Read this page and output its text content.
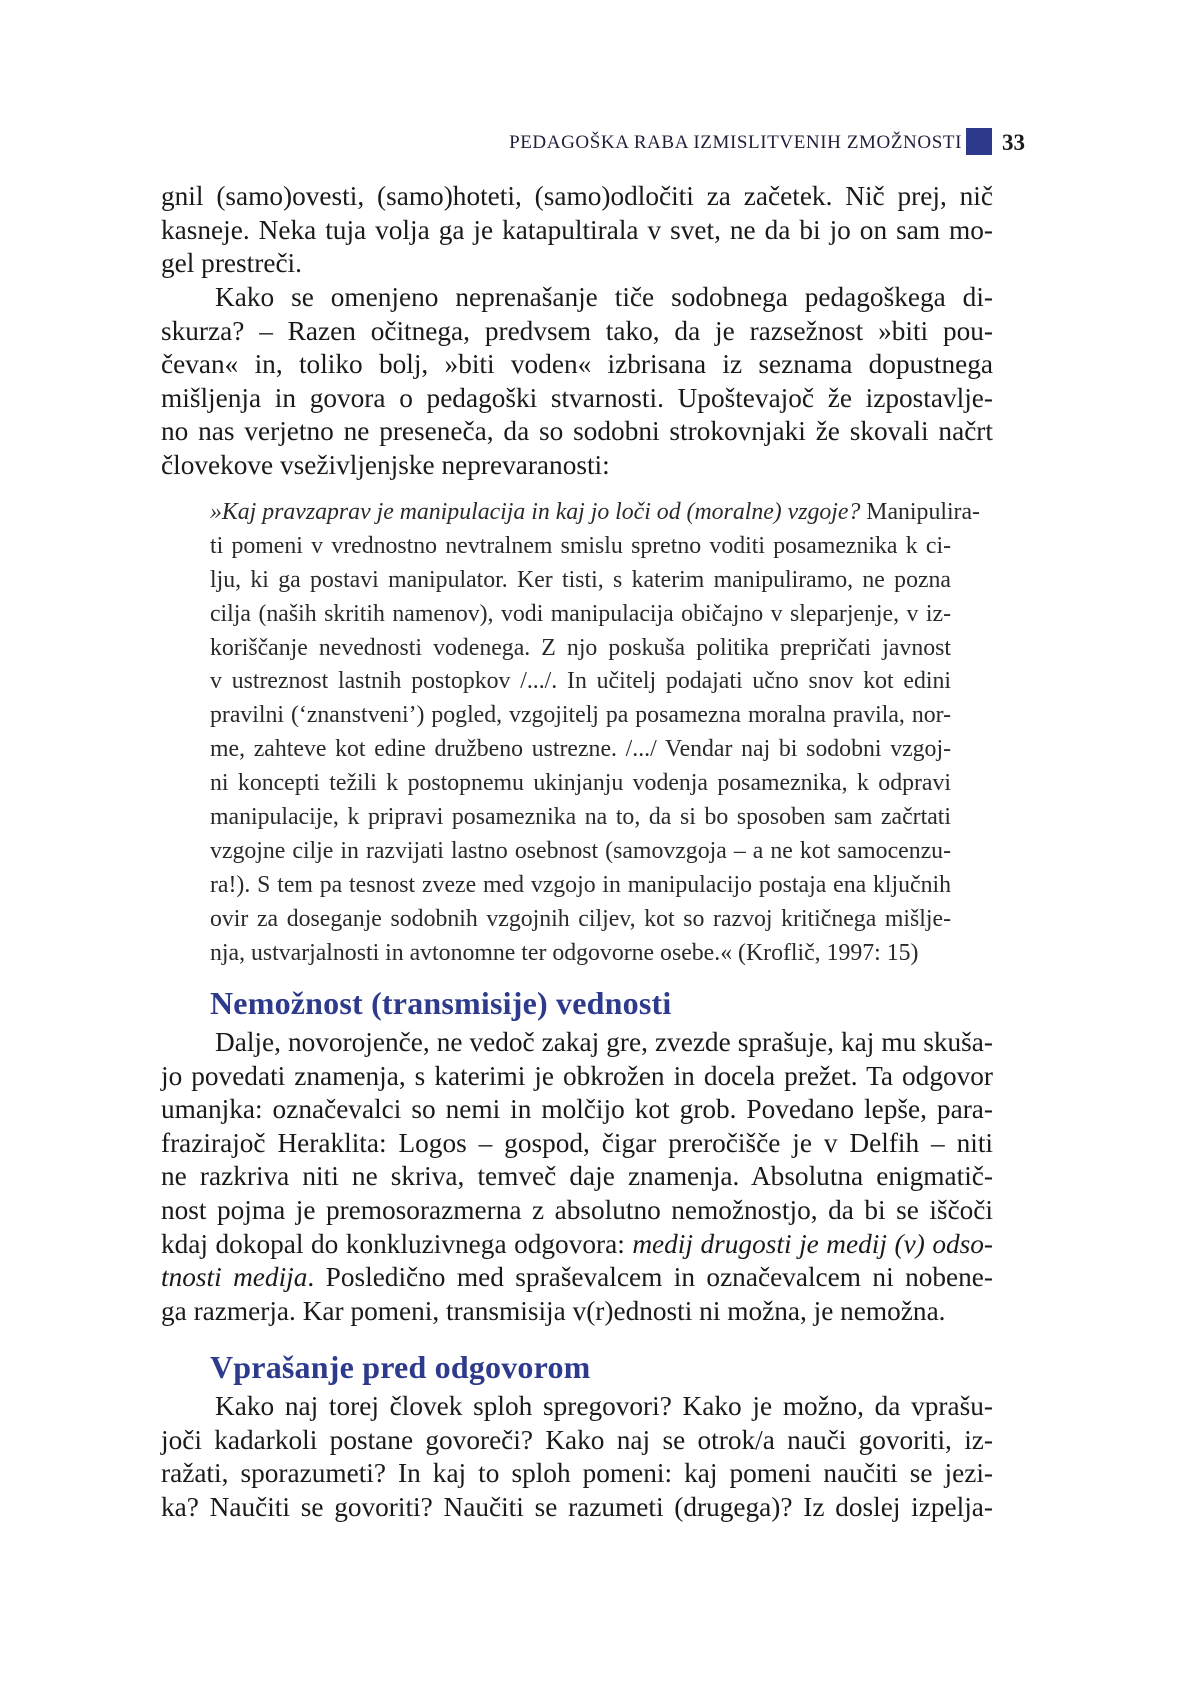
PEDAGOŠKA RABA IZMISLITVENIH ZMOŽNOSTI 33
gnil (samo)ovesti, (samo)hoteti, (samo)odločiti za začetek. Nič prej, nič
kasneje. Neka tuja volja ga je katapultirala v svet, ne da bi jo on sam mo-
gel prestreči.
Kako se omenjeno neprenašanje tiče sodobnega pedagoškega di-
skurza? – Razen očitnega, predvsem tako, da je razsežnost »biti pou-
čevan« in, toliko bolj, »biti voden« izbrisana iz seznama dopustnega
mišljenja in govora o pedagoški stvarnosti. Upoštevajoč že izpostavlje-
no nas verjetno ne preseneča, da so sodobni strokovnjaki že skovali načrt
človekove vseživljenjske neprevaranosti:
»Kaj pravzaprav je manipulacija in kaj jo loči od (moralne) vzgoje? Manipulira-
ti pomeni v vrednostno nevtralnem smislu spretno voditi posameznika k ci-
lju, ki ga postavi manipulator. Ker tisti, s katerim manipuliramo, ne pozna
cilja (naših skritih namenov), vodi manipulacija običajno v sleparjenje, v iz-
koriščanje nevednosti vodenega. Z njo poskuša politika prepričati javnost
v ustreznost lastnih postopkov /.../. In učitelj podajati učno snov kot edini
pravilni (‘znanstveni’) pogled, vzgojitelj pa posamezna moralna pravila, nor-
me, zahteve kot edine družbeno ustrezne. /.../ Vendar naj bi sodobni vzgoj-
ni koncepti težili k postopnemu ukinjanju vodenja posameznika, k odpravi
manipulacije, k pripravi posameznika na to, da si bo sposoben sam začrtati
vzgojne cilje in razvijati lastno osebnost (samovzgoja – a ne kot samocenzu-
ra!). S tem pa tesnost zveze med vzgojo in manipulacijo postaja ena ključnih
ovir za doseganje sodobnih vzgojnih ciljev, kot so razvoj kritičnega mišlje-
nja, ustvarjalnosti in avtonomne ter odgovorne osebe.« (Kroflič, 1997: 15)
Nemožnost (transmisije) vednosti
Dalje, novorojenče, ne vedoč zakaj gre, zvezde sprašuje, kaj mu skuša-
jo povedati znamenja, s katerimi je obkrožen in docela prežet. Ta odgovor
umanjka: označevalci so nemi in molčijo kot grob. Povedano lepše, para-
frazirajoč Heraklita: Logos – gospod, čigar preročišče je v Delfih – niti
ne razkriva niti ne skriva, temveč daje znamenja. Absolutna enigmatič-
nost pojma je premosorazmerna z absolutno nemožnostjo, da bi se iščoči
kdaj dokopal do konkluzivnega odgovora: medij drugosti je medij (v) odso-
tnosti medija. Posledično med spraševalcem in označevalcem ni nobene-
ga razmerja. Kar pomeni, transmisija v(r)ednosti ni možna, je nemožna.
Vprašanje pred odgovorom
Kako naj torej človek sploh spregovori? Kako je možno, da vprašu-
joči kadarkoli postane govoreči? Kako naj se otrok/a nauči govoriti, iz-
ražati, sporazumeti? In kaj to sploh pomeni: kaj pomeni naučiti se jezi-
ka? Naučiti se govoriti? Naučiti se razumeti (drugega)? Iz doslej izpelja-
